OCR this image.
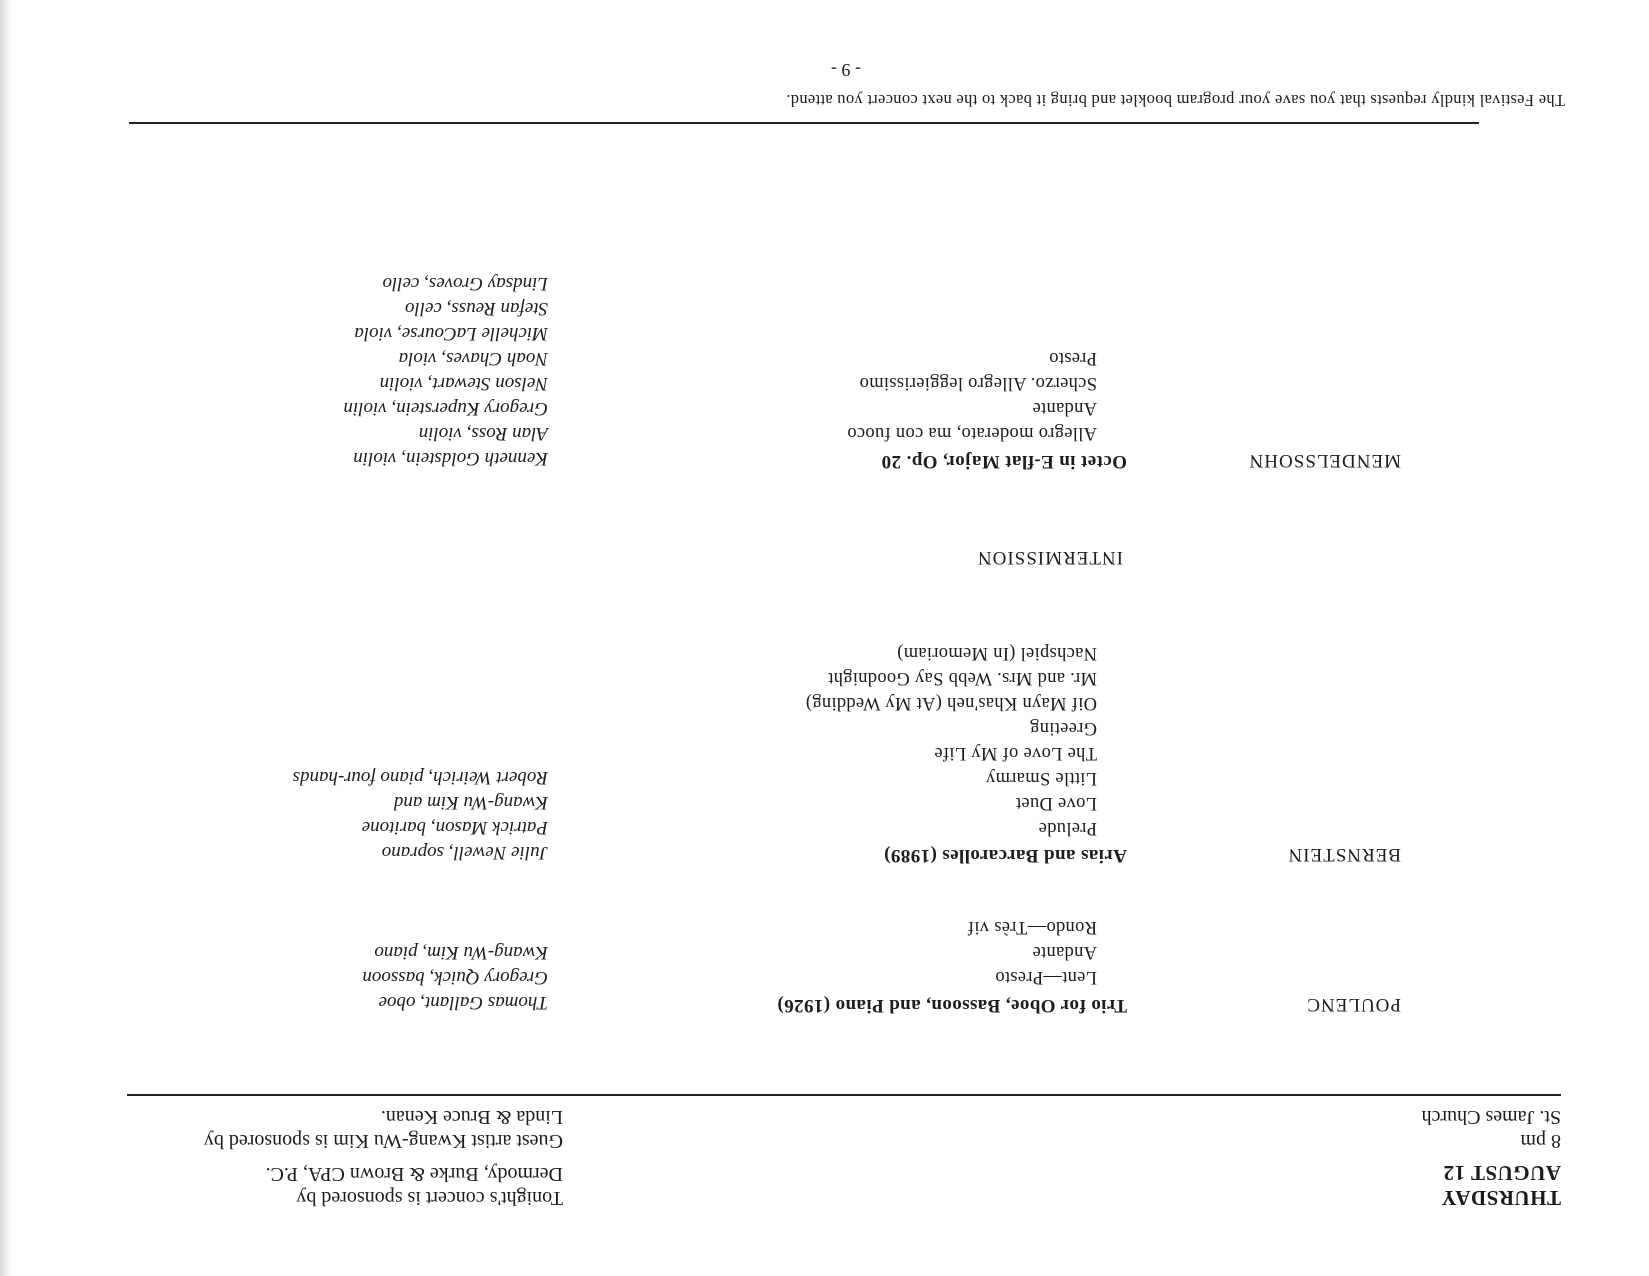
THURSDAY
AUGUST 12
8 pm
St. James Church
Tonight's concert is sponsored by
Dermody, Burke & Brown CPA, P.C.
Guest artist Kwang-Wu Kim is sponsored by
Linda & Bruce Kenan.
POULENC
Trio for Oboe, Bassoon, and Piano (1926)
Lent—Presto
Andante
Rondo—Très vif
Thomas Gallant, oboe
Gregory Quick, bassoon
Kwang-Wu Kim, piano
BERNSTEIN
Arias and Barcarolles (1989)
Prelude
Love Duet
Little Smarmy
The Love of My Life
Greeting
Oif Mayn Khas'neh (At My Wedding)
Mr. and Mrs. Webb Say Goodnight
Nachspiel (In Memoriam)
Julie Newell, soprano
Patrick Mason, baritone
Kwang-Wu Kim and
Robert Weirich, piano four-hands
INTERMISSION
MENDELSSOHN
Octet in E-flat Major, Op. 20
Allegro moderato, ma con fuoco
Andante
Scherzo. Allegro leggierissimo
Presto
Kenneth Goldstein, violin
Alan Ross, violin
Gregory Kuperstein, violin
Nelson Stewart, violin
Noah Chaves, viola
Michelle LaCourse, viola
Stefan Reuss, cello
Lindsay Groves, cello
The Festival kindly requests that you save your program booklet and bring it back to the next concert you attend.
- 9 -
